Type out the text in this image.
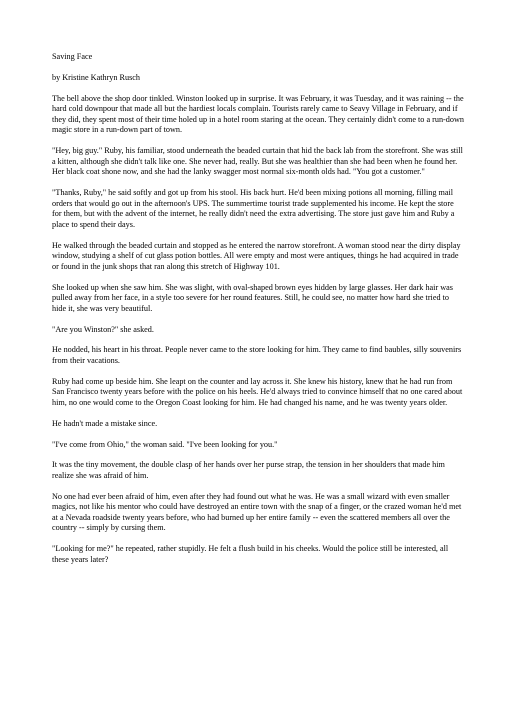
Saving Face

by Kristine Kathryn Rusch

The bell above the shop door tinkled. Winston looked up in surprise. It was February, it was Tuesday, and it was raining -- the hard cold downpour that made all but the hardiest locals complain. Tourists rarely came to Seavy Village in February, and if they did, they spent most of their time holed up in a hotel room staring at the ocean. They certainly didn't come to a run-down magic store in a run-down part of town.

"Hey, big guy." Ruby, his familiar, stood underneath the beaded curtain that hid the back lab from the storefront. She was still a kitten, although she didn't talk like one. She never had, really. But she was healthier than she had been when he found her. Her black coat shone now, and she had the lanky swagger most normal six-month olds had. "You got a customer."

"Thanks, Ruby," he said softly and got up from his stool. His back hurt. He'd been mixing potions all morning, filling mail orders that would go out in the afternoon's UPS. The summertime tourist trade supplemented his income. He kept the store for them, but with the advent of the internet, he really didn't need the extra advertising. The store just gave him and Ruby a place to spend their days.

He walked through the beaded curtain and stopped as he entered the narrow storefront. A woman stood near the dirty display window, studying a shelf of cut glass potion bottles. All were empty and most were antiques, things he had acquired in trade or found in the junk shops that ran along this stretch of Highway 101.

She looked up when she saw him. She was slight, with oval-shaped brown eyes hidden by large glasses. Her dark hair was pulled away from her face, in a style too severe for her round features. Still, he could see, no matter how hard she tried to hide it, she was very beautiful.

"Are you Winston?" she asked.

He nodded, his heart in his throat. People never came to the store looking for him. They came to find baubles, silly souvenirs from their vacations.

Ruby had come up beside him. She leapt on the counter and lay across it. She knew his history, knew that he had run from San Francisco twenty years before with the police on his heels. He'd always tried to convince himself that no one cared about him, no one would come to the Oregon Coast looking for him. He had changed his name, and he was twenty years older.

He hadn't made a mistake since.

"I've come from Ohio," the woman said. "I've been looking for you."

It was the tiny movement, the double clasp of her hands over her purse strap, the tension in her shoulders that made him realize she was afraid of him.

No one had ever been afraid of him, even after they had found out what he was. He was a small wizard with even smaller magics, not like his mentor who could have destroyed an entire town with the snap of a finger, or the crazed woman he'd met at a Nevada roadside twenty years before, who had burned up her entire family -- even the scattered members all over the country -- simply by cursing them.

"Looking for me?" he repeated, rather stupidly. He felt a flush build in his cheeks. Would the police still be interested, all these years later?
